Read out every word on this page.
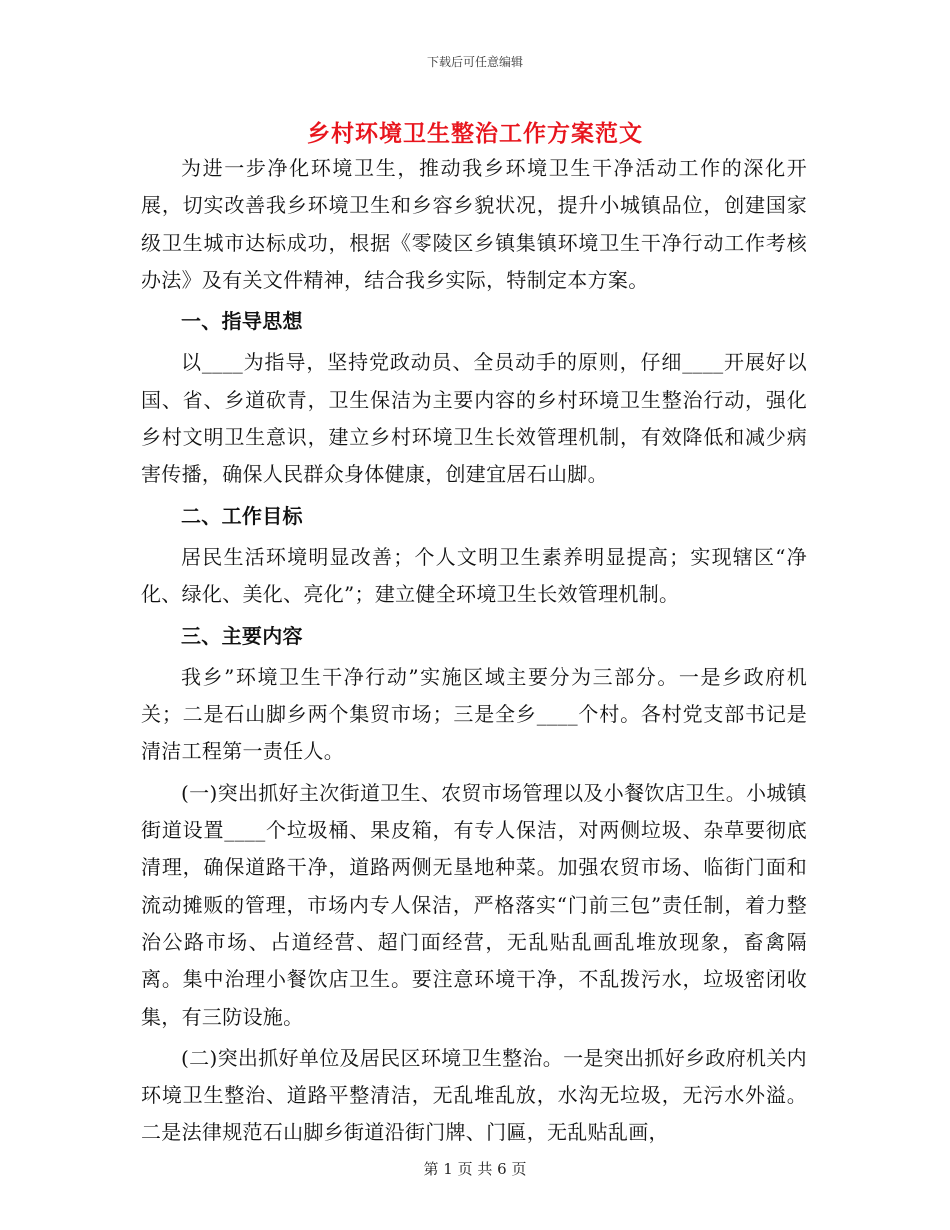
下载后可任意编辑
乡村环境卫生整治工作方案范文

为进一步净化环境卫生，推动我乡环境卫生干净活动工作的深化开展，切实改善我乡环境卫生和乡容乡貌状况，提升小城镇品位，创建国家级卫生城市达标成功，根据《零陵区乡镇集镇环境卫生干净行动工作考核办法》及有关文件精神，结合我乡实际，特制定本方案。

一、指导思想

以____为指导，坚持党政动员、全员动手的原则，仔细____开展好以国、省、乡道砍青，卫生保洁为主要内容的乡村环境卫生整治行动，强化乡村文明卫生意识，建立乡村环境卫生长效管理机制，有效降低和减少病害传播，确保人民群众身体健康，创建宜居石山脚。

二、工作目标

居民生活环境明显改善；个人文明卫生素养明显提高；实现辖区“净化、绿化、美化、亮化”；建立健全环境卫生长效管理机制。

三、主要内容

我乡”环境卫生干净行动”实施区域主要分为三部分。一是乡政府机关；二是石山脚乡两个集贸市场；三是全乡____个村。各村党支部书记是清洁工程第一责任人。

(一)突出抓好主次街道卫生、农贸市场管理以及小餐饮店卫生。小城镇街道设置____个垃圾桶、果皮箱，有专人保洁，对两侧垃圾、杂草要彻底清理，确保道路干净，道路两侧无垦地种菜。加强农贸市场、临街门面和流动摊贩的管理，市场内专人保洁，严格落实“门前三包”责任制，着力整治公路市场、占道经营、超门面经营，无乱贴乱画乱堆放现象，畜禽隔离。集中治理小餐饮店卫生。要注意环境干净，不乱拨污水，垃圾密闭收集，有三防设施。

(二)突出抓好单位及居民区环境卫生整治。一是突出抓好乡政府机关内环境卫生整治、道路平整清洁，无乱堆乱放，水沟无垃圾，无污水外溢。二是法律规范石山脚乡街道沿街门牌、门匾，无乱贴乱画，

第 1 页 共 6 页
